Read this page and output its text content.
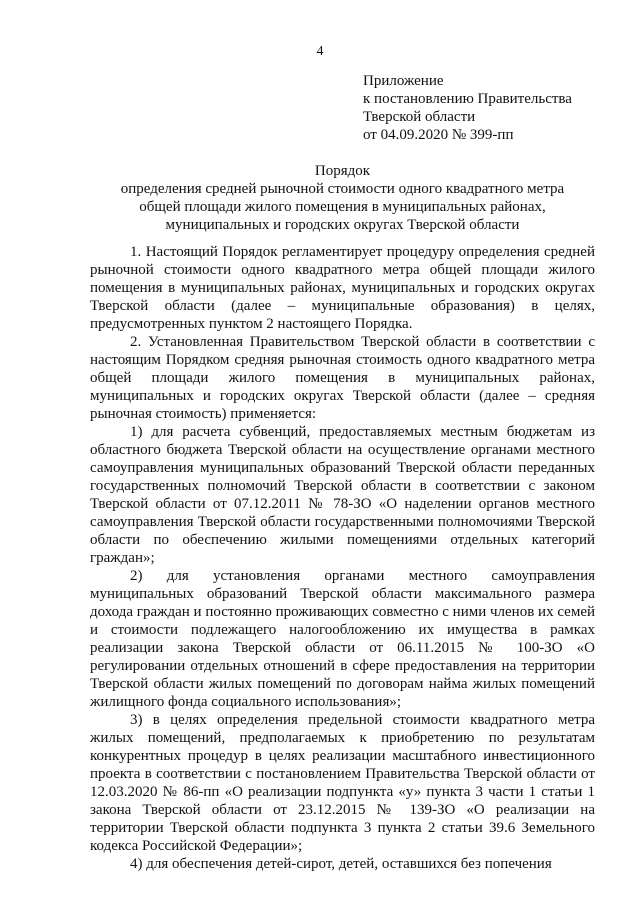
4
Приложение
к постановлению Правительства
Тверской области
от 04.09.2020 № 399-пп
Порядок
определения средней рыночной стоимости одного квадратного метра
общей площади жилого помещения в муниципальных районах,
муниципальных и городских округах Тверской области

1. Настоящий Порядок регламентирует процедуру определения средней рыночной стоимости одного квадратного метра общей площади жилого помещения в муниципальных районах, муниципальных и городских округах Тверской области (далее – муниципальные образования) в целях, предусмотренных пунктом 2 настоящего Порядка.

2. Установленная Правительством Тверской области в соответствии с настоящим Порядком средняя рыночная стоимость одного квадратного метра общей площади жилого помещения в муниципальных районах, муниципальных и городских округах Тверской области (далее – средняя рыночная стоимость) применяется:

1) для расчета субвенций, предоставляемых местным бюджетам из областного бюджета Тверской области на осуществление органами местного самоуправления муниципальных образований Тверской области переданных государственных полномочий Тверской области в соответствии с законом Тверской области от 07.12.2011 № 78-ЗО «О наделении органов местного самоуправления Тверской области государственными полномочиями Тверской области по обеспечению жилыми помещениями отдельных категорий граждан»;

2) для установления органами местного самоуправления муниципальных образований Тверской области максимального размера дохода граждан и постоянно проживающих совместно с ними членов их семей и стоимости подлежащего налогообложению их имущества в рамках реализации закона Тверской области от 06.11.2015 № 100-ЗО «О регулировании отдельных отношений в сфере предоставления на территории Тверской области жилых помещений по договорам найма жилых помещений жилищного фонда социального использования»;

3) в целях определения предельной стоимости квадратного метра жилых помещений, предполагаемых к приобретению по результатам конкурентных процедур в целях реализации масштабного инвестиционного проекта в соответствии с постановлением Правительства Тверской области от 12.03.2020 № 86-пп «О реализации подпункта «у» пункта 3 части 1 статьи 1 закона Тверской области от 23.12.2015 № 139-ЗО «О реализации на территории Тверской области подпункта 3 пункта 2 статьи 39.6 Земельного кодекса Российской Федерации»;

4) для обеспечения детей-сирот, детей, оставшихся без попечения
